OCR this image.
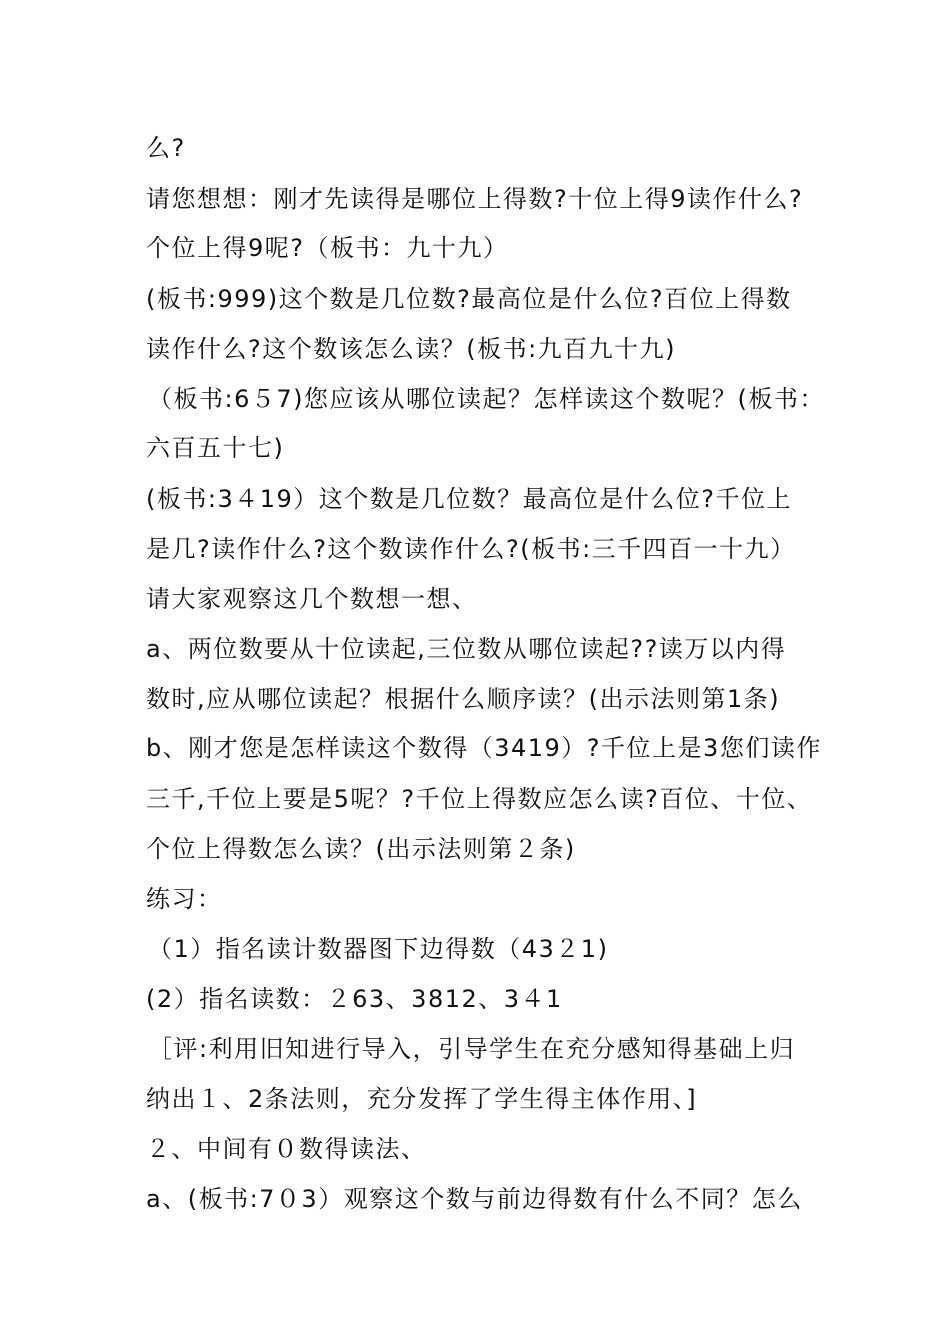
么?
请您想想：刚才先读得是哪位上得数?十位上得9读作什么?
个位上得9呢?（板书：九十九）
(板书:999)这个数是几位数?最高位是什么位?百位上得数
读作什么?这个数该怎么读？(板书:九百九十九)
（板书:6５7)您应该从哪位读起？怎样读这个数呢？(板书：
六百五十七)
(板书:3４19）这个数是几位数？最高位是什么位?千位上
是几?读作什么?这个数读作什么?(板书:三千四百一十九）
请大家观察这几个数想一想、
a、两位数要从十位读起,三位数从哪位读起??读万以内得
数时,应从哪位读起？根据什么顺序读？(出示法则第1条)
b、刚才您是怎样读这个数得（3419）?千位上是3您们读作
三千,千位上要是5呢？?千位上得数应怎么读?百位、十位、
个位上得数怎么读？(出示法则第２条)
练习：
（1）指名读计数器图下边得数（43２1)
(2）指名读数：２63、3812、3４1
［评:利用旧知进行导入，引导学生在充分感知得基础上归
纳出１、2条法则，充分发挥了学生得主体作用、]
２、中间有０数得读法、
a、(板书:7０3）观察这个数与前边得数有什么不同？怎么
